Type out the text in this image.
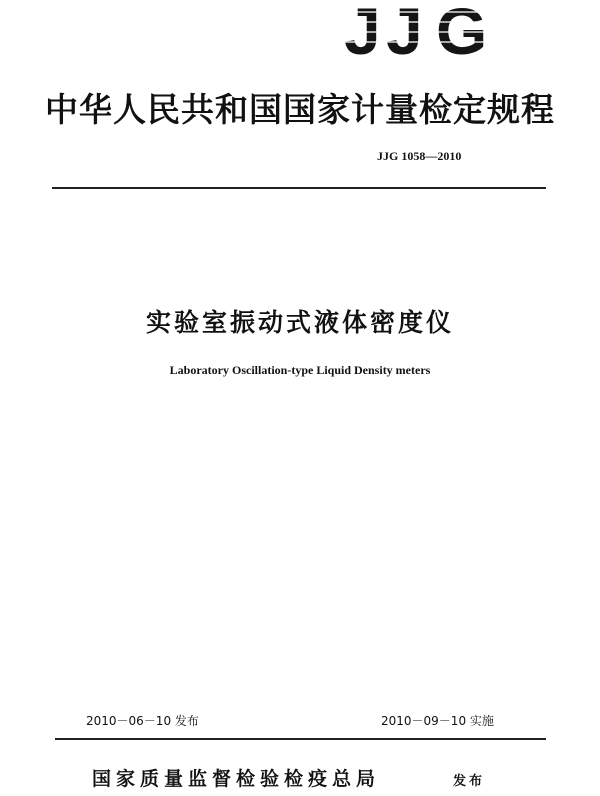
J J G
中华人民共和国国家计量检定规程
JJG 1058—2010
实验室振动式液体密度仪
Laboratory Oscillation-type Liquid Density meters
2010－06－10 发布	2010－09－10 实施
国家质量监督检验检疫总局	发布
